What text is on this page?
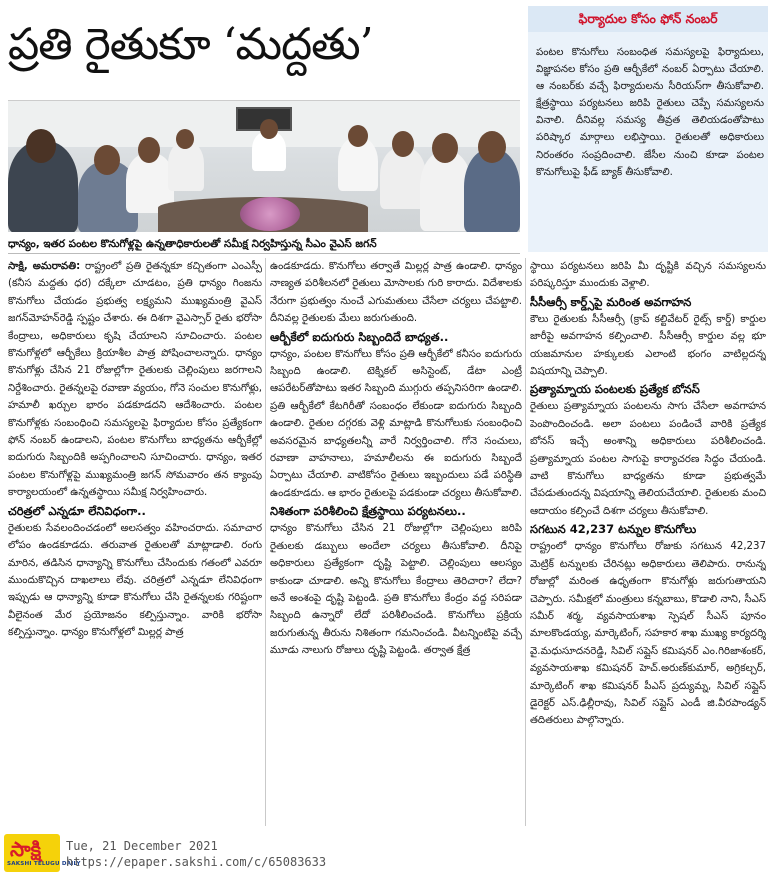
ప్రతి రైతుకూ ‘మద్దతు’
ధాన్యం, ఇతర పంటల కొనుగోళ్లపై ఉన్నతాధికారులతో సమీక్ష నిర్వహిస్తున్న సీఎం వైఎస్‌ జగన్‌
ఫిర్యాదుల కోసం ఫోన్‌ నంబర్‌
పంటల కొనుగోలు సంబంధిత సమస్యలపై ఫిర్యాదులు, విజ్ఞాపనల కోసం ప్రతి ఆర్బీకేలో నంబర్‌ ఏర్పాటు చేయాలి. ఆ నంబర్‌కు వచ్చే ఫిర్యాదులను సీరియస్‌గా తీసుకోవాలి. క్షేత్రస్థాయి పర్యటనలు జరిపి రైతులు చెప్పే సమస్యలను వినాలి. దీనివల్ల సమస్య తీవ్రత తెలియడంతోపాటు పరిష్కార మార్గాలు లభిస్తాయి. రైతులతో అధికారులు నిరంతరం సంప్రదించాలి. జేసీల నుంచి కూడా పంటల కొనుగోలుపై ఫీడ్‌ బ్యాక్‌ తీసుకోవాలి.

సాక్షి, అమరావతి: రాష్ట్రంలో ప్రతి రైతన్నకూ కచ్చితంగా ఎంఎస్పీ (కనీస మద్దతు ధర) దక్కేలా చూడటం, ప్రతి ధాన్యం గింజను కొనుగోలు చేయడం ప్రభుత్వ లక్ష్యమని ముఖ్యమంత్రి వైఎస్‌ జగన్‌మోహన్‌రెడ్డి స్పష్టం చేశారు. ఈ దిశగా వైఎస్సార్‌ రైతు భరోసా కేంద్రాలు, అధికారులు కృషి చేయాలని సూచించారు. పంటల కొనుగోళ్లలో ఆర్బీకేలు క్రియాశీల పాత్ర పోషించాలన్నారు. ధాన్యం కొనుగోళ్లు చేసిన 21 రోజుల్లోగా రైతులకు చెల్లింపులు జరగాలని నిర్దేశించారు. రైతన్నలపై రవాణా వ్యయం, గోనె సంచుల కొనుగోళ్లు, హమాలీ ఖర్చుల భారం పడకూడదని ఆదేశించారు. పంటల కొనుగోళ్లకు సంబంధించి సమస్యలపై ఫిర్యాదుల కోసం ప్రత్యేకంగా ఫోన్‌ నంబర్‌ ఉండాలని, పంటల కొనుగోలు బాధ్యతను ఆర్బీకేల్లో ఐదుగురు సిబ్బందికి అప్పగించాలని సూచించారు. ధాన్యం, ఇతర పంటల కొనుగోళ్లపై ముఖ్యమంత్రి జగన్‌ సోమవారం తన క్యాంపు కార్యాలయంలో ఉన్నతస్థాయి సమీక్ష నిర్వహించారు.

చరిత్రలో ఎన్నడూ లేనివిధంగా..

రైతులకు సేవలందించడంలో అలసత్వం వహించరాదు. సమాచార లోపం ఉండకూడదు. తరువాత రైతులతో మాట్లాడాలి. రంగు మారిన, తడిసిన ధాన్యాన్ని కొనుగోలు చేసిందుకు గతంలో ఎవరూ ముందుకొచ్చిన దాఖలాలు లేవు. చరిత్రలో ఎన్నడూ లేనివిధంగా ఇప్పుడు ఆ ధాన్యాన్ని కూడా కొనుగోలు చేసి రైతన్నలకు గరిష్టంగా వీలైనంత మేర ప్రయోజనం కల్పిస్తున్నాం. వారికి భరోసా కల్పిస్తున్నాం. ధాన్యం కొనుగోళ్లలో మిల్లర్ల పాత్ర

ఉండకూడదు. కొనుగోలు తర్వాతే మిల్లర్ల పాత్ర ఉండాలి. ధాన్యం నాణ్యత పరిశీలనలో రైతులు మోసాలకు గురి కారాదు. విదేశాలకు నేరుగా ప్రభుత్వం నుంచే ఎగుమతులు చేసేలా చర్యలు చేపట్టాలి. దీనివల్ల రైతులకు మేలు జరుగుతుంది.

ఆర్బీకేలో ఐదుగురు సిబ్బందిదే బాధ్యత..

ధాన్యం, పంటల కొనుగోలు కోసం ప్రతి ఆర్బీకేలో కనీసం ఐదుగురు సిబ్బంది ఉండాలి. టెక్నికల్‌ అసిస్టెంట్‌, డేటా ఎంట్రీ ఆపరేటర్‌తోపాటు ఇతర సిబ్బంది ముగ్గురు తప్పనిసరిగా ఉండాలి. ప్రతి ఆర్బీకేలో కేటగిరీతో సంబంధం లేకుండా ఐదుగురు సిబ్బంది ఉండాలి. రైతుల దగ్గరకు వెళ్లి మాట్లాడి కొనుగోలుకు సంబంధించి అవసరమైన బాధ్యతలన్నీ వారే నిర్వర్తించాలి. గోనె సంచులు, రవాణా వాహనాలు, హమాలీలను ఈ ఐదుగురు సిబ్బందే ఏర్పాటు చేయాలి. వాటికోసం రైతులు ఇబ్బందులు పడే పరిస్థితి ఉండకూడదు. ఆ భారం రైతులపై పడకుండా చర్యలు తీసుకోవాలి.

నిశితంగా పరిశీలించి క్షేత్రస్థాయి పర్యటనలు..

ధాన్యం కొనుగోలు చేసిన 21 రోజుల్లోగా చెల్లింపులు జరిపి రైతులకు డబ్బులు అందేలా చర్యలు తీసుకోవాలి. దీనిపై అధికారులు ప్రత్యేకంగా దృష్టి పెట్టాలి. చెల్లింపులు ఆలస్యం కాకుండా చూడాలి. అన్ని కొనుగోలు కేంద్రాలు తెరిచారా? లేదా? అనే అంశంపై దృష్టి పెట్టండి. ప్రతి కొనుగోలు కేంద్రం వద్ద సరిపడా సిబ్బంది ఉన్నారో లేదో పరిశీలించండి. కొనుగోలు ప్రక్రియ జరుగుతున్న తీరును నిశితంగా గమనించండి. వీటన్నింటిపై వచ్చే మూడు నాలుగు రోజులు దృష్టి పెట్టండి. తర్వాత క్షేత్ర

స్థాయి పర్యటనలు జరిపి మీ దృష్టికి వచ్చిన సమస్యలను పరిష్కరిస్తూ ముందుకు వెళ్లాలి.

సీసీఆర్సీ కార్డ్స్‌పై మరింత అవగాహన

కౌలు రైతులకు సీసీఆర్సీ (క్రాప్‌ కల్టివేటర్‌ రైట్స్‌ కార్డ్‌) కార్డుల జారీపై అవగాహన కల్పించాలి. సీసీఆర్సీ కార్డుల వల్ల భూ యజమానుల హక్కులకు ఎలాంటి భంగం వాటిల్లదన్న విషయాన్ని చెప్పాలి.

ప్రత్యామ్నాయ పంటలకు ప్రత్యేక బోనస్‌

రైతులు ప్రత్యామ్నాయ పంటలను సాగు చేసేలా అవగాహన పెంపొందించండి. అలా పంటలు పండించే వారికి ప్రత్యేక బోనస్‌ ఇచ్చే అంశాన్ని అధికారులు పరిశీలించండి. ప్రత్యామ్నాయ పంటల సాగుపై కార్యాచరణ సిద్ధం చేయండి. వాటి కొనుగోలు బాధ్యతను కూడా ప్రభుత్వమే చేపడుతుందన్న విషయాన్ని తెలియచేయాలి. రైతులకు మంచి ఆదాయం కల్పించే దిశగా చర్యలు తీసుకోవాలి.

సగటున 42,237 టన్నుల కొనుగోలు

రాష్ట్రంలో ధాన్యం కొనుగోలు రోజుకు సగటున 42,237 మెట్రిక్‌ టన్నులకు చేరినట్లు అధికారులు తెలిపారు. రానున్న రోజుల్లో మరింత ఉధృతంగా కొనుగోళ్లు జరుగుతాయని చెప్పారు. సమీక్షలో మంత్రులు కన్నబాబు, కొడాలి నాని, సీఎస్‌ సమీర్‌ శర్మ, వ్యవసాయశాఖ స్పెషల్‌ సీఎస్‌ పూనం మాలకొండయ్య, మార్కెటింగ్‌, సహకార శాఖ ముఖ్య కార్యదర్శి వై.మధుసూదనరెడ్డి, సివిల్‌ సప్లైస్‌ కమిషనర్‌ ఎం.గిరిజాశంకర్‌, వ్యవసాయశాఖ కమిషనర్‌ హెచ్‌.అరుణ్‌కుమార్‌, అగ్రికల్చర్‌, మార్కెటింగ్‌ శాఖ కమిషనర్‌ పీఎస్‌ ప్రద్యుమ్న, సివిల్‌ సప్లైస్‌ డైరెక్టర్‌ ఎస్‌.ఢిల్లీరావు, సివిల్‌ సప్లైస్‌ ఎండీ జి.వీరపాండ్యన్‌ తదితరులు పాల్గొన్నారు.

సాక్షి
SAKSHI TELUGU DAILY
Tue, 21 December 2021
https://epaper.sakshi.com/c/65083633
